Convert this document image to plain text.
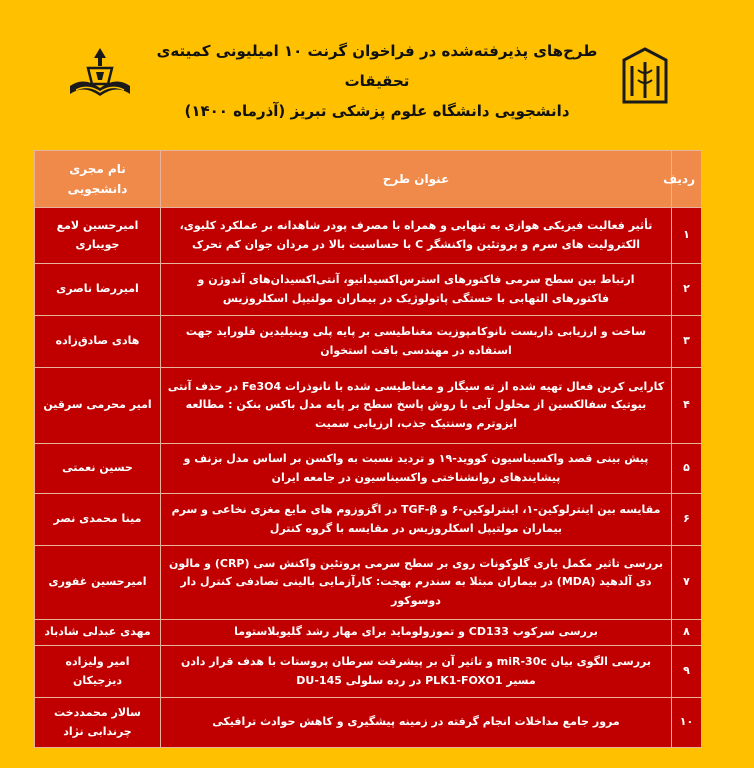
طرح‌های پذیرفته‌شده در فراخوان گرنت ۱۰ امیلیونی کمیته‌ی تحقیقات
دانشجویی دانشگاه علوم پزشکی تبریز (آذرماه ۱۴۰۰)
ردیف	عنوان طرح	نام مجری دانشجویی
۱	تأثیر فعالیت فیزیکی هوازی به تنهایی و همراه با مصرف پودر شاهدانه بر عملکرد کلیوی، الکترولیت های سرم و پروتئین واکنشگر C با حساسیت بالا در مردان جوان کم تحرک	امیرحسین لامع جویباری
۲	ارتباط بین سطح سرمی فاکتورهای استرس‌اکسیداتیو، آنتی‌اکسیدان‌های آندوژن و فاکتورهای التهابی با خستگی پاتولوژیک در بیماران مولتیپل اسکلروزیس	امیررضا ناصری
۳	ساخت و ارزیابی داربست نانوکامپوزیت مغناطیسی بر پایه پلی وینیلیدین فلوراید جهت استفاده در مهندسی بافت استخوان	هادی صادق‌زاده
۴	کارایی کربن فعال تهیه شده از ته سیگار و مغناطیسی شده با نانوذرات Fe3O4 در حذف آنتی بیوتیک سفالکسین از محلول آبی با روش پاسخ سطح بر پایه مدل باکس بنکن : مطالعه ایزوترم وسنتیک جذب، ارزیابی سمیت	امیر محرمی سرقین
۵	پیش بینی قصد واکسیناسیون کووید-۱۹ و تردید نسبت به واکسن بر اساس مدل بزنف و پیشایندهای روانشناختی واکسیناسیون در جامعه ایران	حسین نعمتی
۶	مقایسه بین اینترلوکین-۱، اینترلوکین-۶ و TGF-β در اگزوزوم های مایع مغزی نخاعی و سرم بیماران مولتیپل اسکلروزیس در مقایسه با گروه کنترل	مینا محمدی نصر
۷	بررسی تاثیر مکمل یاری گلوکونات روی بر سطح سرمی پروتئین واکنش سی (CRP) و مالون دی آلدهید (MDA) در بیماران مبتلا به سندرم بهجت: کارآزمایی بالینی تصادفی کنترل دار دوسوکور	امیرحسین غفوری
۸	بررسی سرکوب CD133 و تموزولوماید برای مهار رشد گلیوبلاستوما	مهدی عبدلی شادباد
۹	بررسی الگوی بیان miR-30c و تاثیر آن بر پیشرفت سرطان پروستات با هدف قرار دادن مسیر PLK1-FOXO1 در رده سلولی DU-145	امیر ولیزاده دیزجیکان
۱۰	مرور جامع مداخلات انجام گرفته در زمینه پیشگیری و کاهش حوادث ترافیکی	سالار محمددخت چرندابی نژاد
